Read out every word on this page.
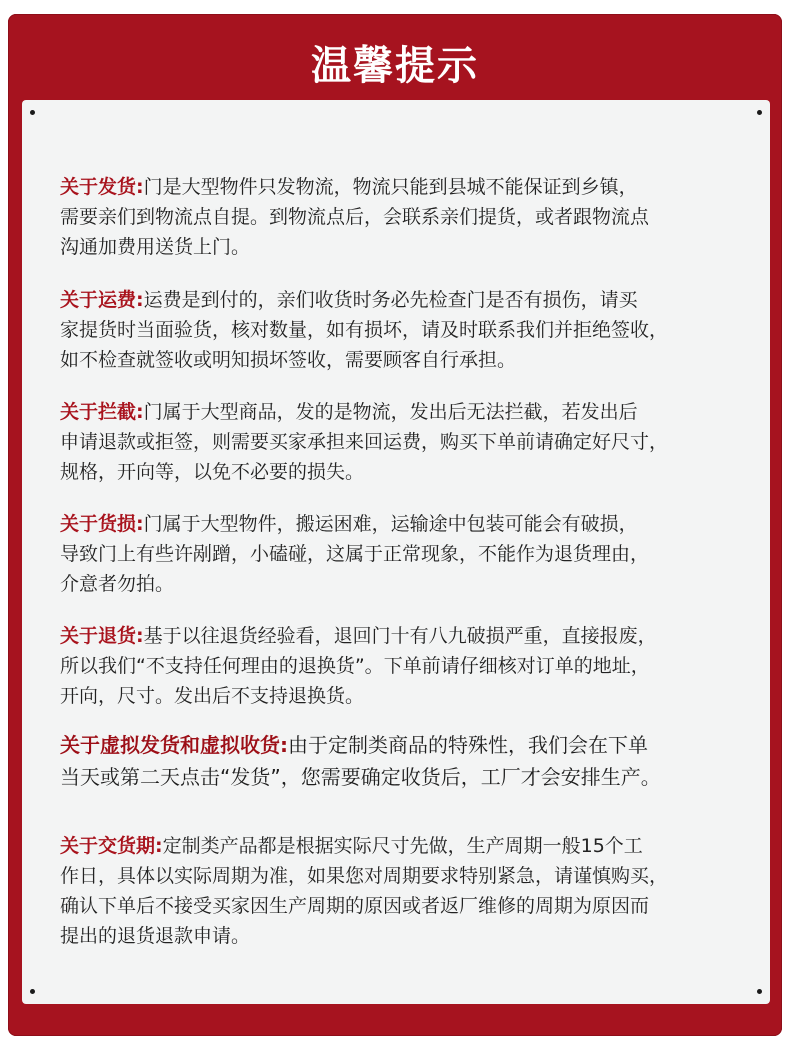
温馨提示
关于发货:门是大型物件只发物流，物流只能到县城不能保证到乡镇，
需要亲们到物流点自提。到物流点后，会联系亲们提货，或者跟物流点
沟通加费用送货上门。
关于运费:运费是到付的，亲们收货时务必先检查门是否有损伤，请买
家提货时当面验货，核对数量，如有损坏，请及时联系我们并拒绝签收，
如不检查就签收或明知损坏签收，需要顾客自行承担。
关于拦截:门属于大型商品，发的是物流，发出后无法拦截，若发出后
申请退款或拒签，则需要买家承担来回运费，购买下单前请确定好尺寸，
规格，开向等，以免不必要的损失。
关于货损:门属于大型物件，搬运困难，运输途中包装可能会有破损，
导致门上有些许剐蹭，小磕碰，这属于正常现象，不能作为退货理由，
介意者勿拍。
关于退货:基于以往退货经验看，退回门十有八九破损严重，直接报废，
所以我们“不支持任何理由的退换货”。下单前请仔细核对订单的地址，
开向，尺寸。发出后不支持退换货。
关于虚拟发货和虚拟收货:由于定制类商品的特殊性，我们会在下单
当天或第二天点击“发货”，您需要确定收货后，工厂才会安排生产。
关于交货期:定制类产品都是根据实际尺寸先做，生产周期一般15个工
作日，具体以实际周期为准，如果您对周期要求特别紧急，请谨慎购买，
确认下单后不接受买家因生产周期的原因或者返厂维修的周期为原因而
提出的退货退款申请。
